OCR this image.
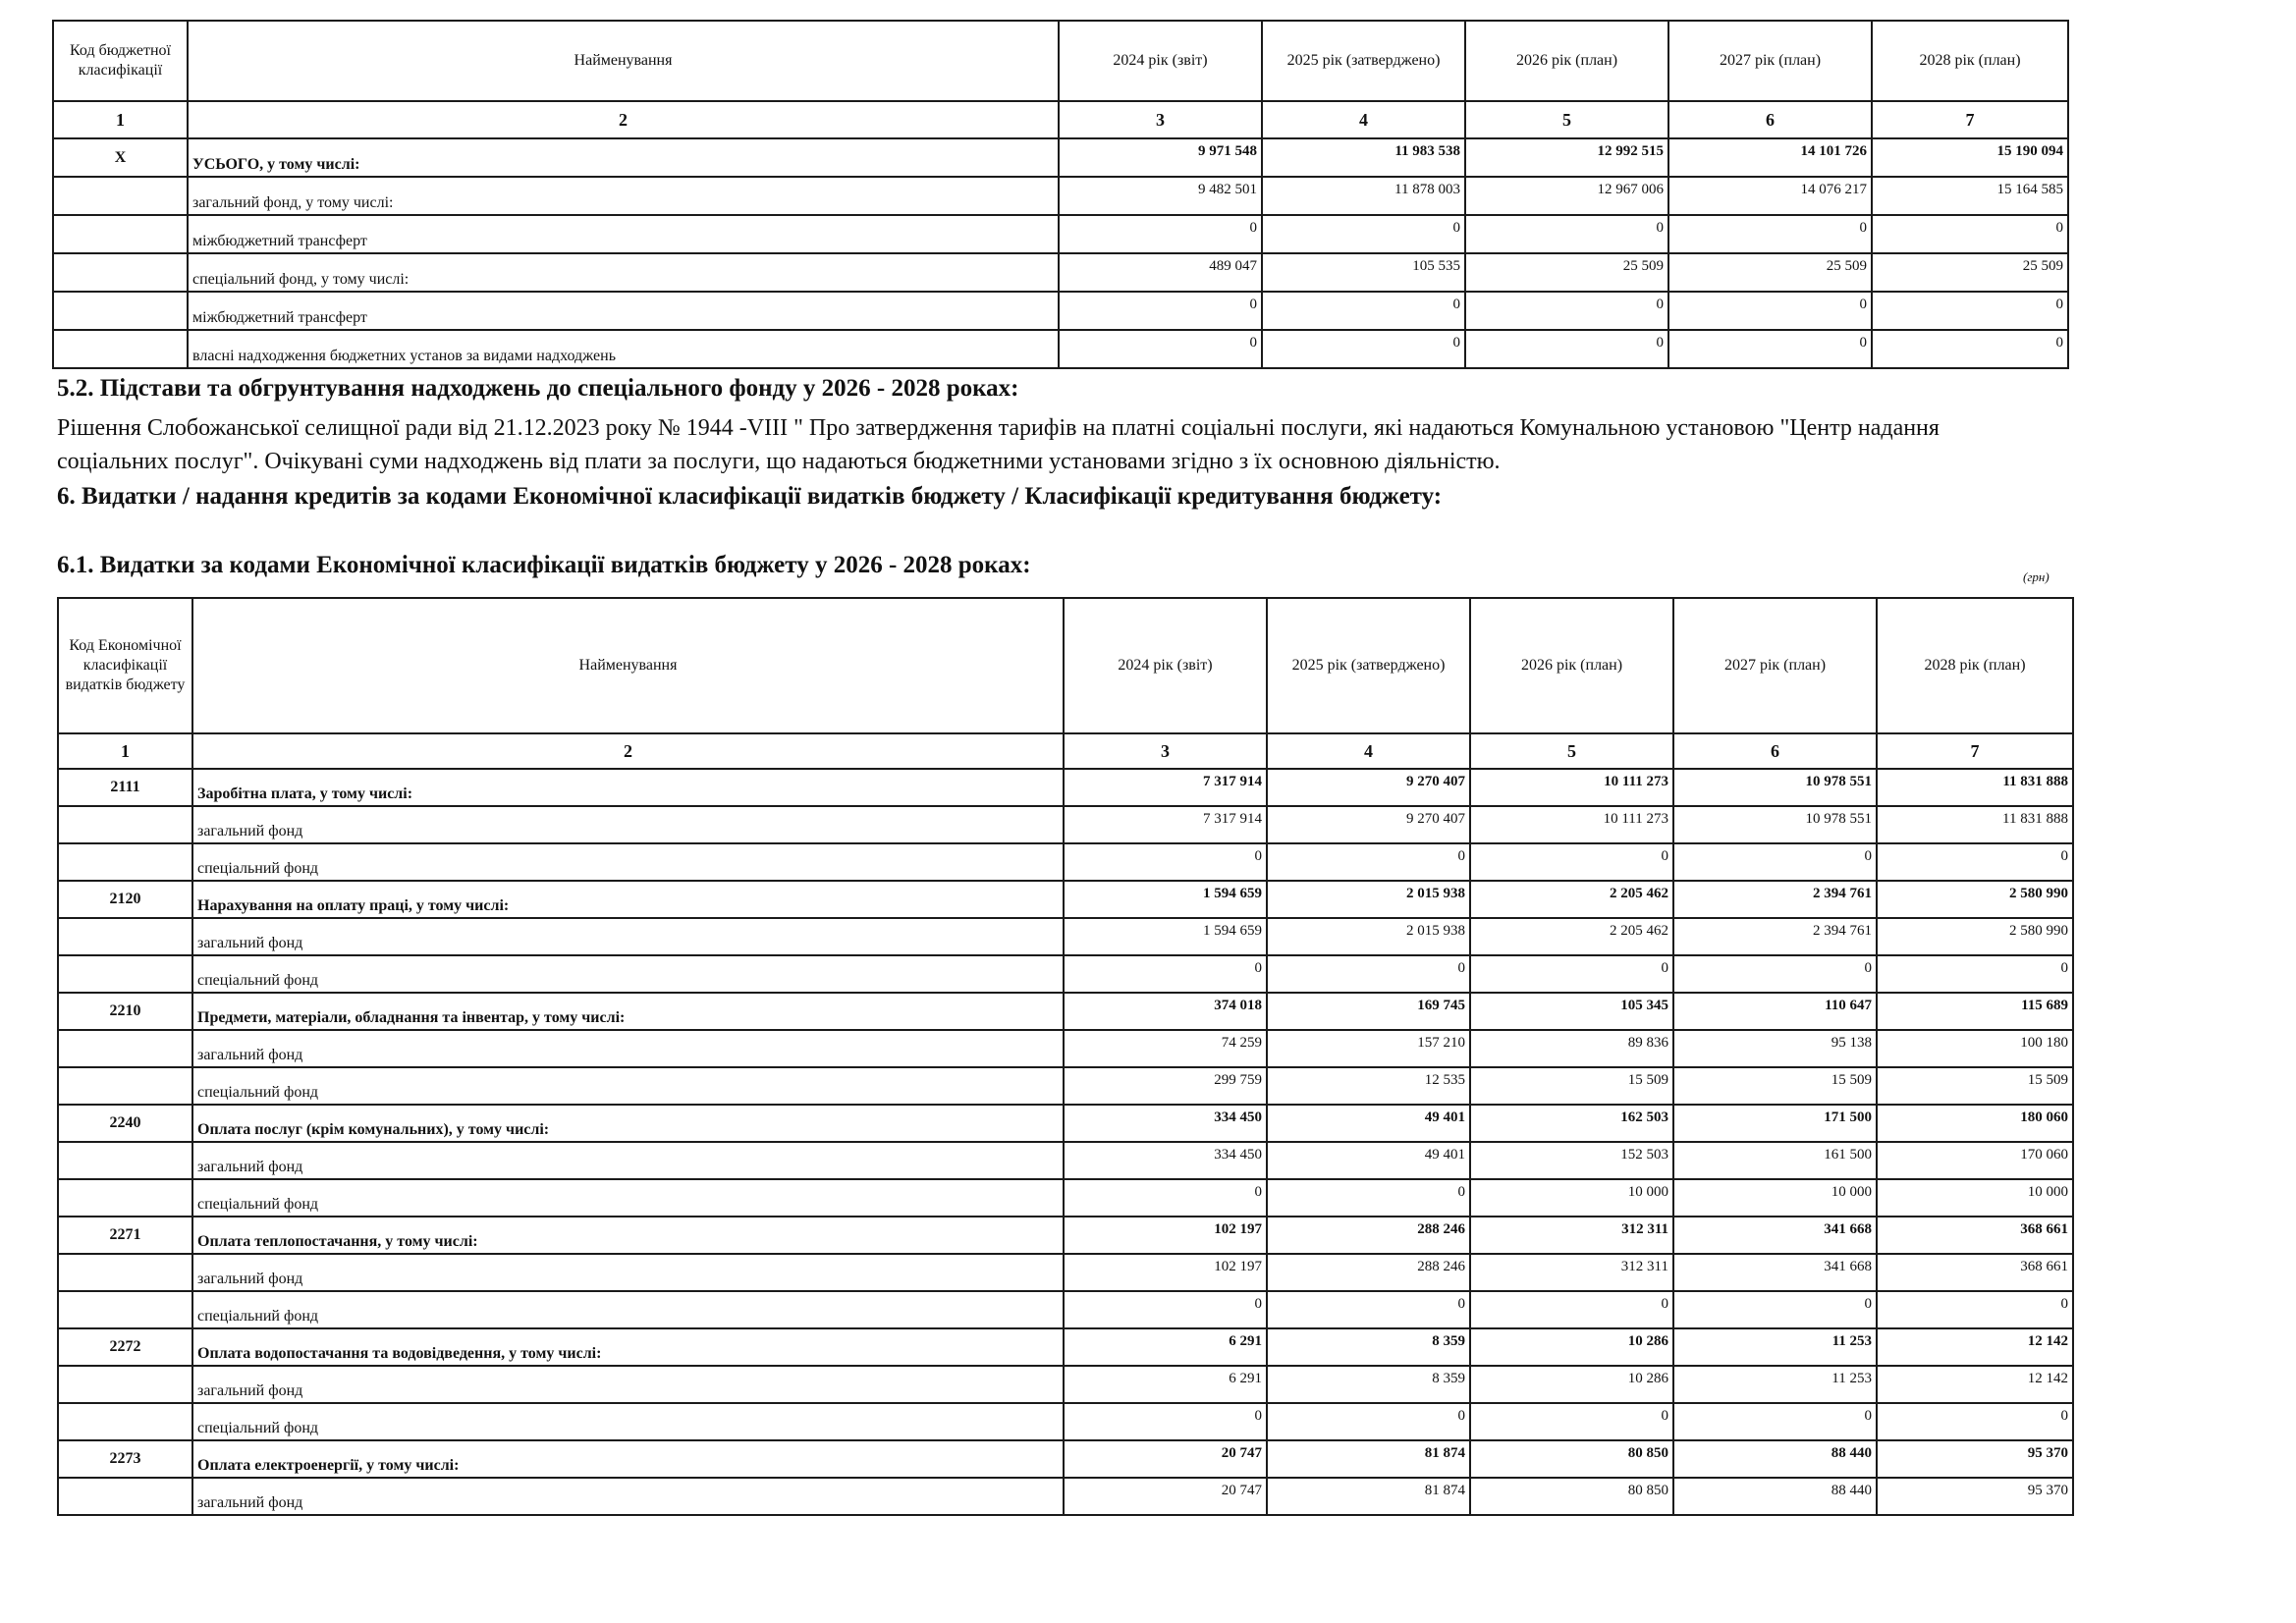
Код бюджетної класифікації	Найменування	2024 рік (звіт)	2025 рік (затверджено)	2026 рік (план)	2027 рік (план)	2028 рік (план)
1	2	3	4	5	6	7
X	УСЬОГО, у тому числі:	9 971 548	11 983 538	12 992 515	14 101 726	15 190 094
	загальний фонд, у тому числі:	9 482 501	11 878 003	12 967 006	14 076 217	15 164 585
	міжбюджетний трансферт	0	0	0	0	0
	спеціальний фонд, у тому числі:	489 047	105 535	25 509	25 509	25 509
	міжбюджетний трансферт	0	0	0	0	0
	власні надходження бюджетних установ за видами надходжень	0	0	0	0	0
5.2. Підстави та обгрунтування надходжень до спеціального фонду у 2026 - 2028 роках:
Рішення Слобожанської селищної ради від 21.12.2023 року № 1944 -VIII " Про затвердження тарифів на платні соціальні послуги, які надаються Комунальною установою "Центр надання
соціальних послуг". Очікувані суми надходжень від плати за послуги, що надаються бюджетними установами згідно з їх основною діяльністю.
6. Видатки / надання кредитів за кодами Економічної класифікації видатків бюджету / Класифікації кредитування бюджету:
6.1. Видатки за кодами Економічної класифікації видатків бюджету у 2026 - 2028 роках:	(грн)
Код Економічної класифікації видатків бюджету	Найменування	2024 рік (звіт)	2025 рік (затверджено)	2026 рік (план)	2027 рік (план)	2028 рік (план)
1	2	3	4	5	6	7
2111	Заробітна плата, у тому числі:	7 317 914	9 270 407	10 111 273	10 978 551	11 831 888
	загальний фонд	7 317 914	9 270 407	10 111 273	10 978 551	11 831 888
	спеціальний фонд	0	0	0	0	0
2120	Нарахування на оплату праці, у тому числі:	1 594 659	2 015 938	2 205 462	2 394 761	2 580 990
	загальний фонд	1 594 659	2 015 938	2 205 462	2 394 761	2 580 990
	спеціальний фонд	0	0	0	0	0
2210	Предмети, матеріали, обладнання та інвентар, у тому числі:	374 018	169 745	105 345	110 647	115 689
	загальний фонд	74 259	157 210	89 836	95 138	100 180
	спеціальний фонд	299 759	12 535	15 509	15 509	15 509
2240	Оплата послуг (крім комунальних), у тому числі:	334 450	49 401	162 503	171 500	180 060
	загальний фонд	334 450	49 401	152 503	161 500	170 060
	спеціальний фонд	0	0	10 000	10 000	10 000
2271	Оплата теплопостачання, у тому числі:	102 197	288 246	312 311	341 668	368 661
	загальний фонд	102 197	288 246	312 311	341 668	368 661
	спеціальний фонд	0	0	0	0	0
2272	Оплата водопостачання та водовідведення, у тому числі:	6 291	8 359	10 286	11 253	12 142
	загальний фонд	6 291	8 359	10 286	11 253	12 142
	спеціальний фонд	0	0	0	0	0
2273	Оплата електроенергії, у тому числі:	20 747	81 874	80 850	88 440	95 370
	загальний фонд	20 747	81 874	80 850	88 440	95 370
